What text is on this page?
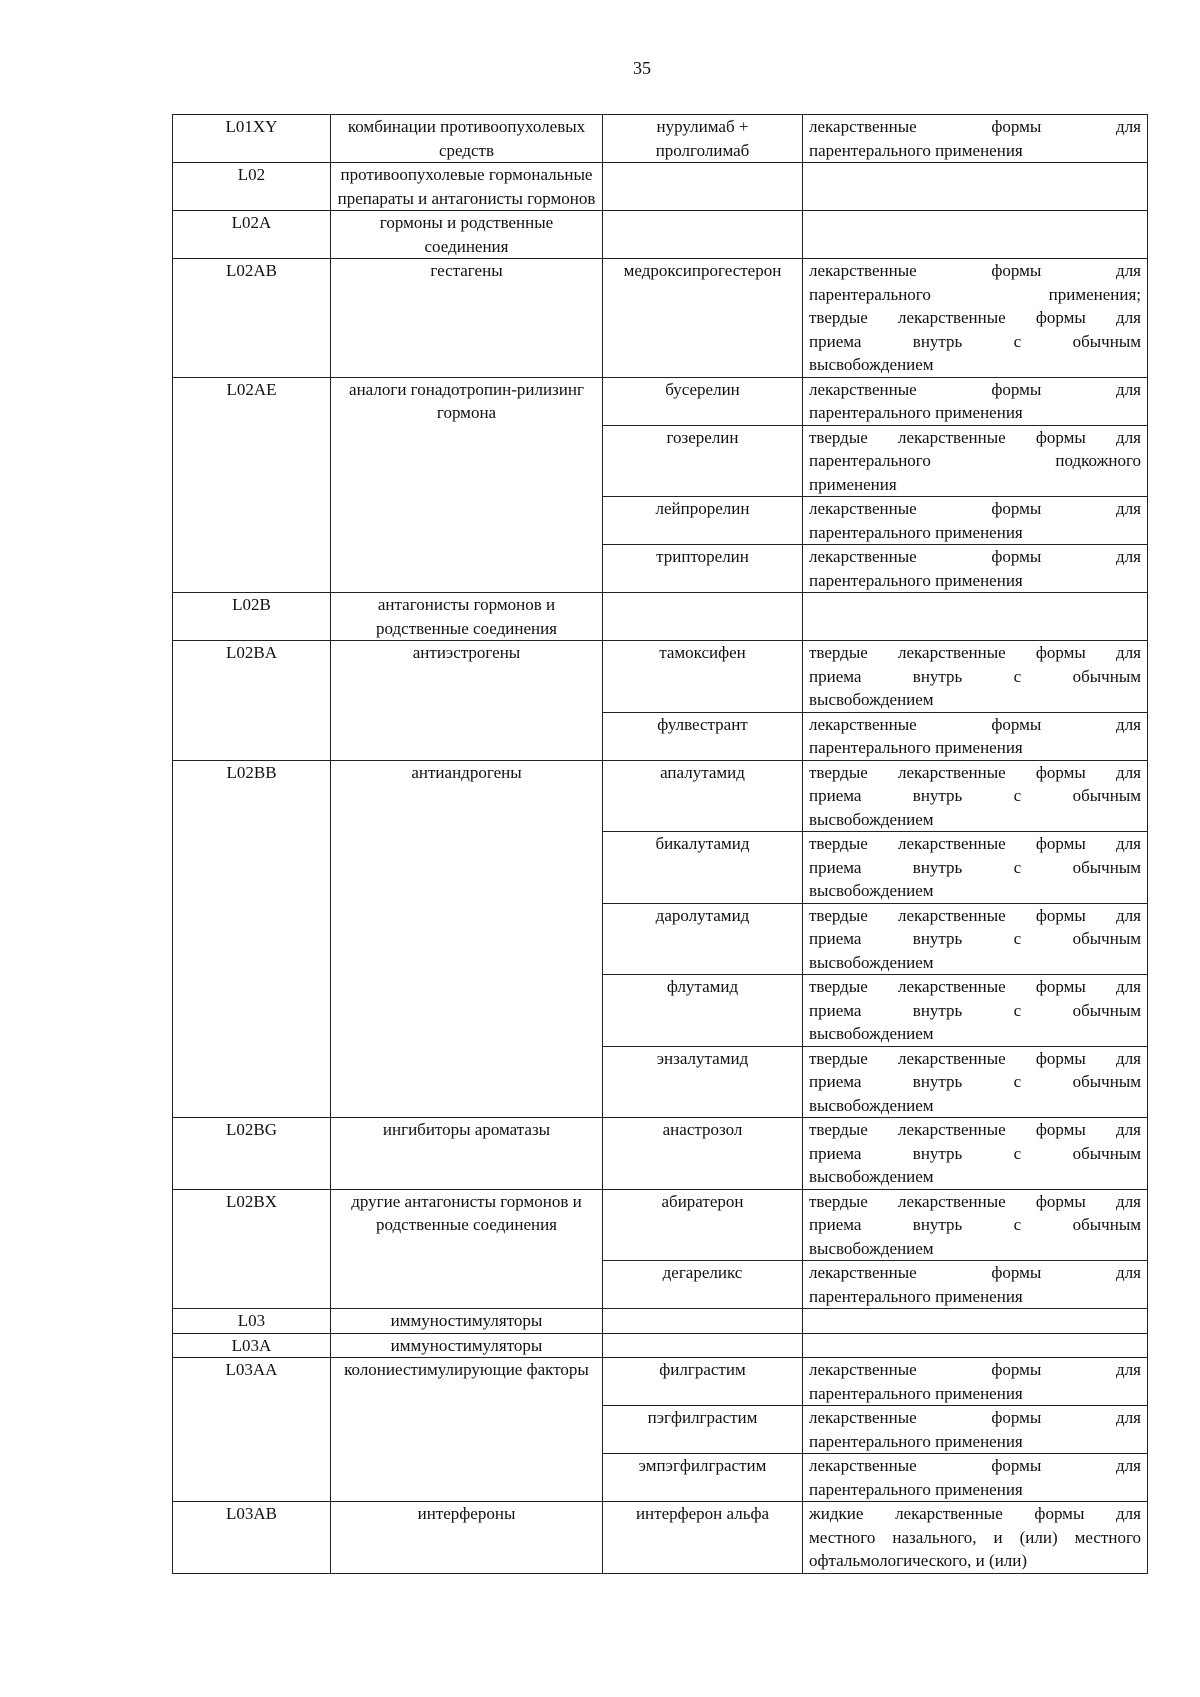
35
L01XY	комбинации противоопухолевых средств	нурулимаб + пролголимаб	лекарственные формы для
парентерального применения

L02	противоопухолевые гормональные препараты и антагонисты гормонов		
L02A	гормоны и родственные соединения		
L02AB	гестагены	медроксипрогестерон	лекарственные формы для
парентерального применения;
твердые лекарственные формы для
приема внутрь с обычным
высвобождением

L02AE	аналоги гонадотропин-рилизинг гормона	бусерелин	лекарственные формы для
парентерального применения

		гозерелин	твердые лекарственные формы для
парентерального подкожного
применения

		лейпрорелин	лекарственные формы для
парентерального применения

		трипторелин	лекарственные формы для
парентерального применения

L02B	антагонисты гормонов и родственные соединения		
L02BA	антиэстрогены	тамоксифен	твердые лекарственные формы для
приема внутрь с обычным
высвобождением

		фулвестрант	лекарственные формы для
парентерального применения

L02BB	антиандрогены	апалутамид	твердые лекарственные формы для
приема внутрь с обычным
высвобождением

		бикалутамид	твердые лекарственные формы для
приема внутрь с обычным
высвобождением

		даролутамид	твердые лекарственные формы для
приема внутрь с обычным
высвобождением

		флутамид	твердые лекарственные формы для
приема внутрь с обычным
высвобождением

		энзалутамид	твердые лекарственные формы для
приема внутрь с обычным
высвобождением

L02BG	ингибиторы ароматазы	анастрозол	твердые лекарственные формы для
приема внутрь с обычным
высвобождением

L02BX	другие антагонисты гормонов и родственные соединения	абиратерон	твердые лекарственные формы для
приема внутрь с обычным
высвобождением

		дегареликс	лекарственные формы для
парентерального применения

L03	иммуностимуляторы		
L03A	иммуностимуляторы		
L03AA	колониестимулирующие факторы	филграстим	лекарственные формы для
парентерального применения

		пэгфилграстим	лекарственные формы для
парентерального применения

		эмпэгфилграстим	лекарственные формы для
парентерального применения

L03AB	интерфероны	интерферон альфа	жидкие лекарственные формы для
местного назального, и (или) местного
офтальмологического, и (или)
